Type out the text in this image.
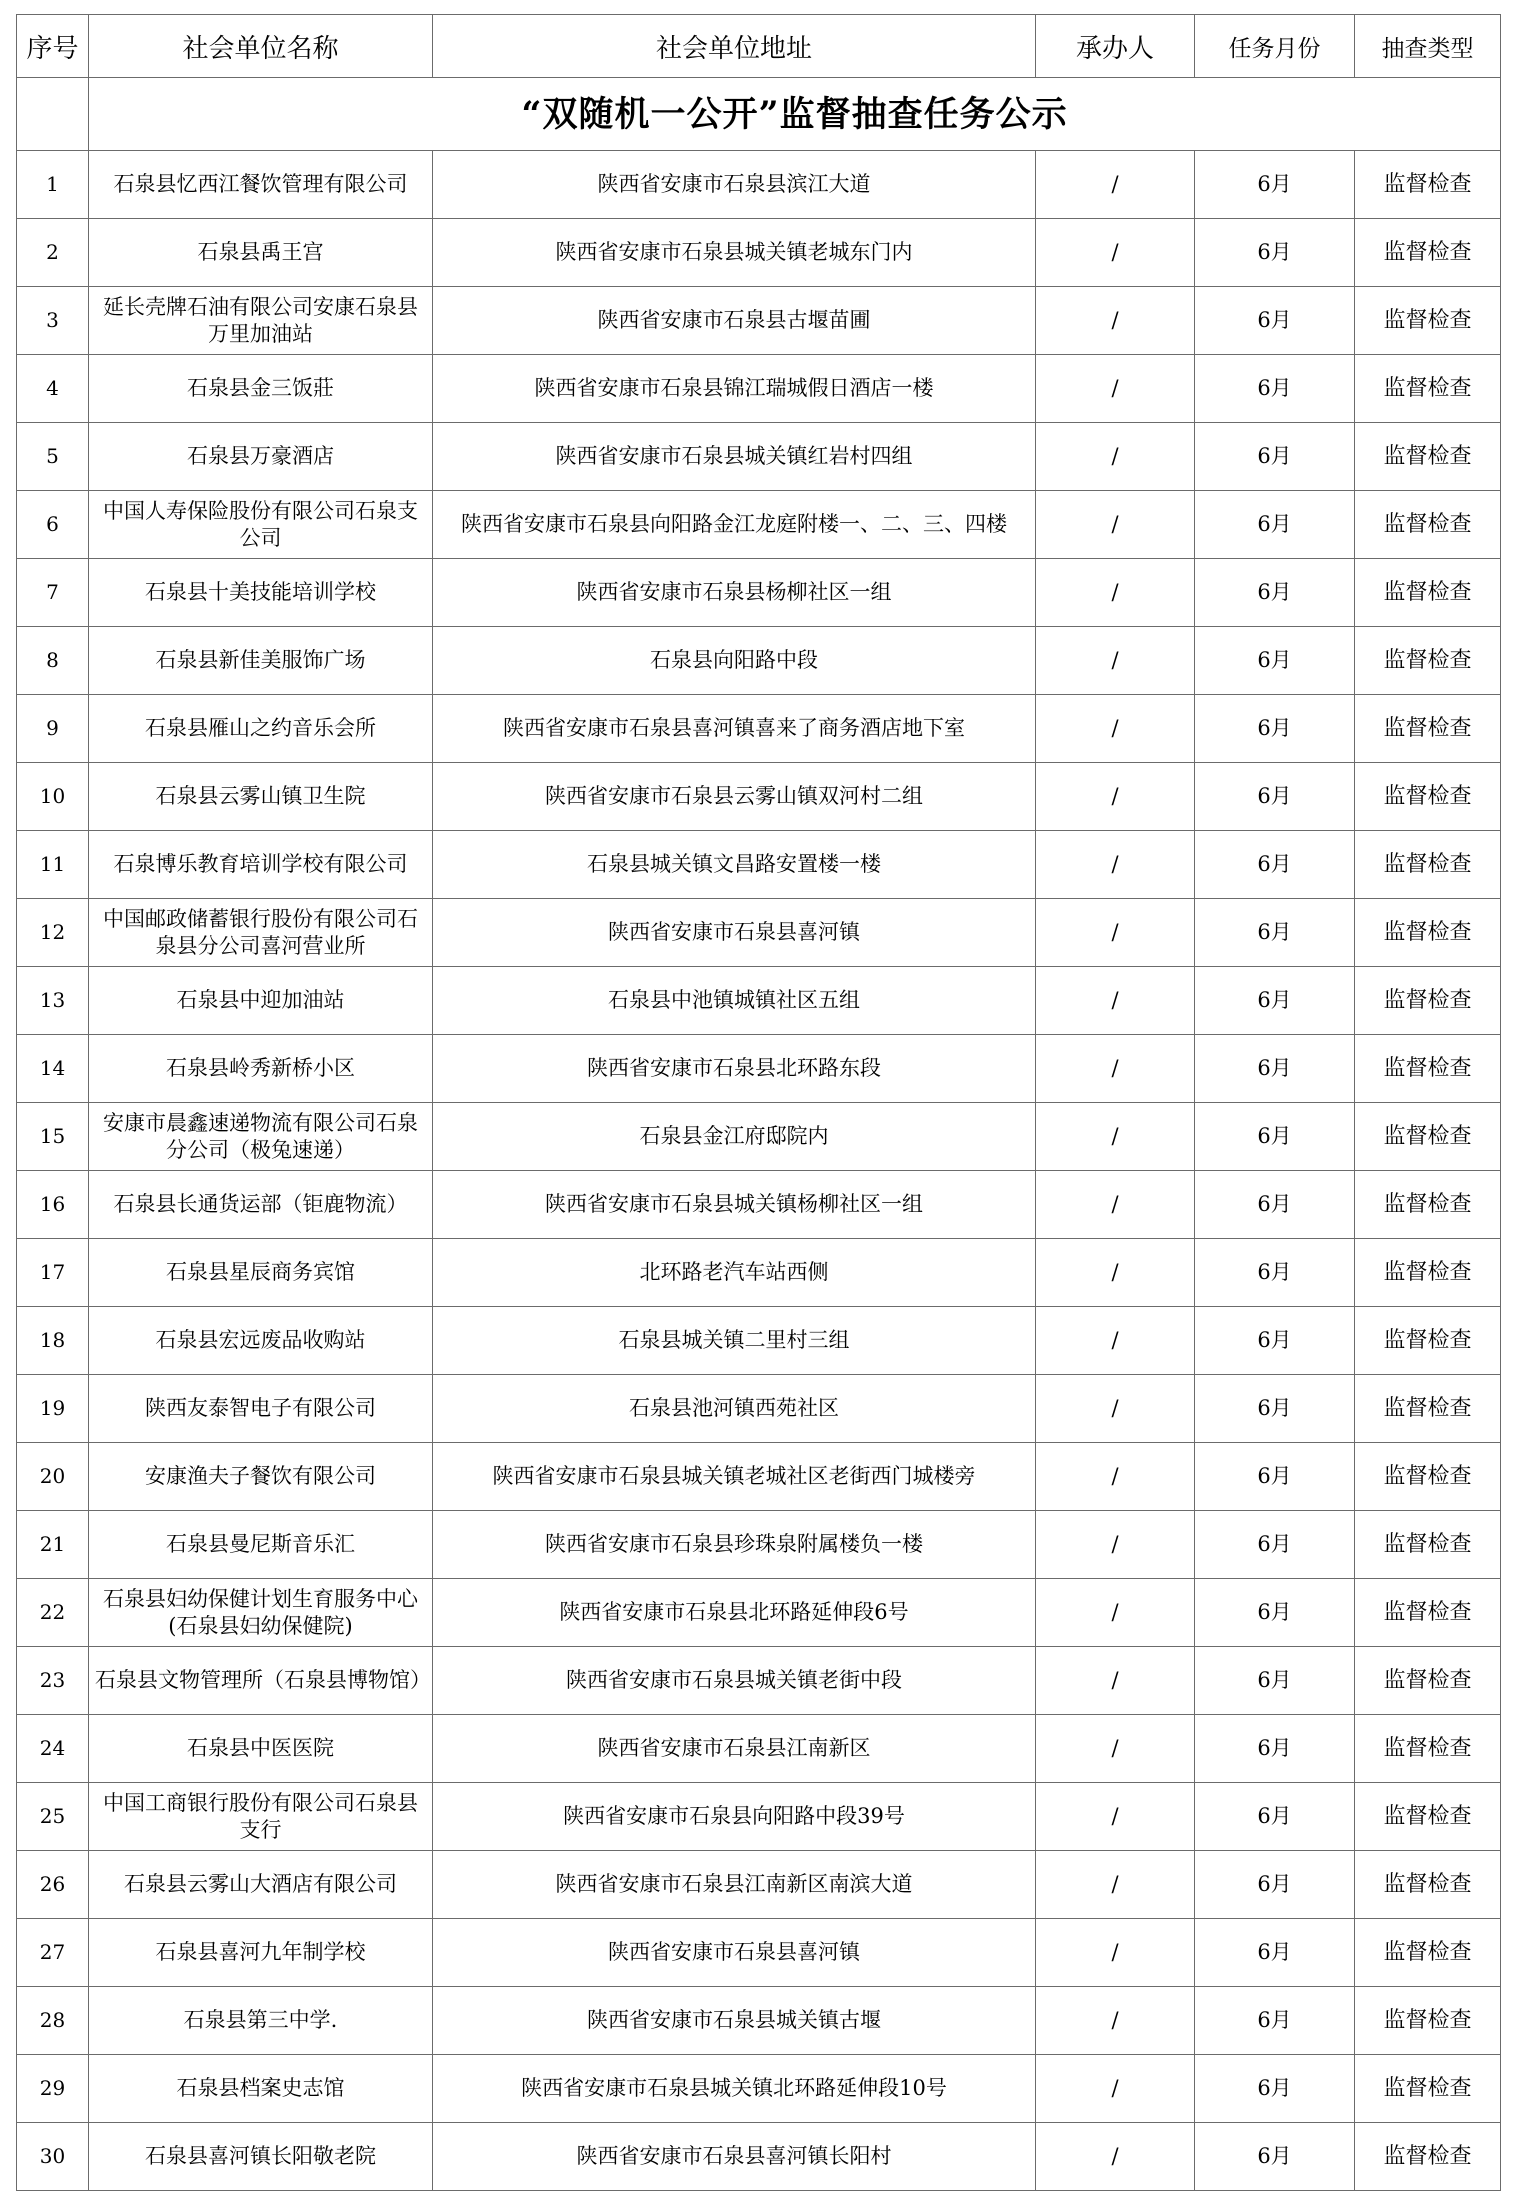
	“双随机一公开”监督抽查任务公示				
序号	社会单位名称	社会单位地址	承办人	任务月份	抽查类型
1	石泉县忆西江餐饮管理有限公司	陕西省安康市石泉县滨江大道	/	6月	监督检查
2	石泉县禹王宫	陕西省安康市石泉县城关镇老城东门内	/	6月	监督检查
3	延长壳牌石油有限公司安康石泉县万里加油站	陕西省安康市石泉县古堰苗圃	/	6月	监督检查
4	石泉县金三饭莊	陕西省安康市石泉县锦江瑞城假日酒店一楼	/	6月	监督检查
5	石泉县万豪酒店	陕西省安康市石泉县城关镇红岩村四组	/	6月	监督检查
6	中国人寿保险股份有限公司石泉支公司	陕西省安康市石泉县向阳路金江龙庭附楼一、二、三、四楼	/	6月	监督检查
7	石泉县十美技能培训学校	陕西省安康市石泉县杨柳社区一组	/	6月	监督检查
8	石泉县新佳美服饰广场	石泉县向阳路中段	/	6月	监督检查
9	石泉县雁山之约音乐会所	陕西省安康市石泉县喜河镇喜来了商务酒店地下室	/	6月	监督检查
10	石泉县云雾山镇卫生院	陕西省安康市石泉县云雾山镇双河村二组	/	6月	监督检查
11	石泉博乐教育培训学校有限公司	石泉县城关镇文昌路安置楼一楼	/	6月	监督检查
12	中国邮政储蓄银行股份有限公司石泉县分公司喜河营业所	陕西省安康市石泉县喜河镇	/	6月	监督检查
13	石泉县中迎加油站	石泉县中池镇城镇社区五组	/	6月	监督检查
14	石泉县岭秀新桥小区	陕西省安康市石泉县北环路东段	/	6月	监督检查
15	安康市晨鑫速递物流有限公司石泉分公司（极兔速递）	石泉县金江府邸院内	/	6月	监督检查
16	石泉县长通货运部（钜鹿物流）	陕西省安康市石泉县城关镇杨柳社区一组	/	6月	监督检查
17	石泉县星辰商务宾馆	北环路老汽车站西侧	/	6月	监督检查
18	石泉县宏远废品收购站	石泉县城关镇二里村三组	/	6月	监督检查
19	陕西友泰智电子有限公司	石泉县池河镇西苑社区	/	6月	监督检查
20	安康渔夫子餐饮有限公司	陕西省安康市石泉县城关镇老城社区老街西门城楼旁	/	6月	监督检查
21	石泉县曼尼斯音乐汇	陕西省安康市石泉县珍珠泉附属楼负一楼	/	6月	监督检查
22	石泉县妇幼保健计划生育服务中心(石泉县妇幼保健院)	陕西省安康市石泉县北环路延伸段6号	/	6月	监督检查
23	石泉县文物管理所（石泉县博物馆）	陕西省安康市石泉县城关镇老街中段	/	6月	监督检查
24	石泉县中医医院	陕西省安康市石泉县江南新区	/	6月	监督检查
25	中国工商银行股份有限公司石泉县支行	陕西省安康市石泉县向阳路中段39号	/	6月	监督检查
26	石泉县云雾山大酒店有限公司	陕西省安康市石泉县江南新区南滨大道	/	6月	监督检查
27	石泉县喜河九年制学校	陕西省安康市石泉县喜河镇	/	6月	监督检查
28	石泉县第三中学.	陕西省安康市石泉县城关镇古堰	/	6月	监督检查
29	石泉县档案史志馆	陕西省安康市石泉县城关镇北环路延伸段10号	/	6月	监督检查
30	石泉县喜河镇长阳敬老院	陕西省安康市石泉县喜河镇长阳村	/	6月	监督检查
